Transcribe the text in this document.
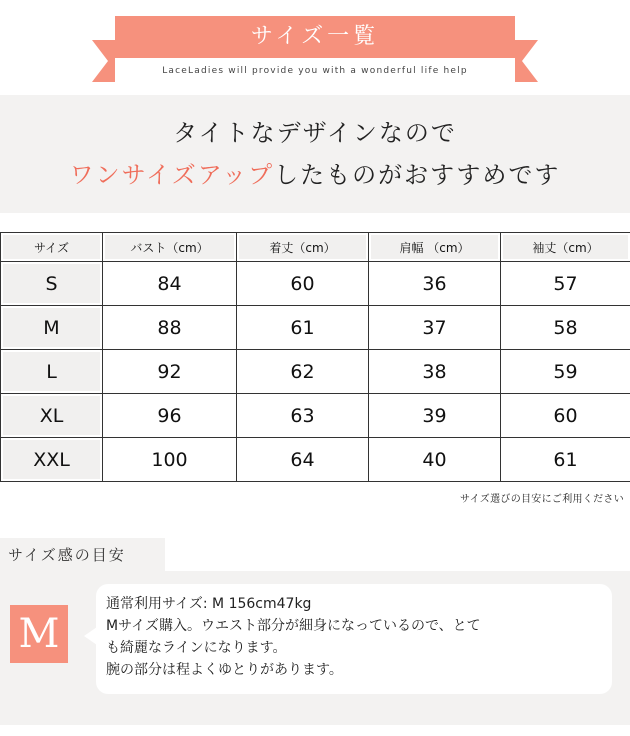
サイズ一覧
LaceLadies will provide you with a wonderful life help
タイトなデザインなので
ワンサイズアップしたものがおすすめです
サイズ	バスト（cm）	着丈（cm）	肩幅 （cm）	袖丈（cm）

S	84	60	36	57

M	88	61	37	58

L	92	62	38	59

XL	96	63	39	60

XXL	100	64	40	61
サイズ選びの目安にご利用ください
サイズ感の目安
M
通常利用サイズ: M 156cm47kg
Mサイズ購入。ウエスト部分が細身になっているので、とて
も綺麗なラインになります。
腕の部分は程よくゆとりがあります。
